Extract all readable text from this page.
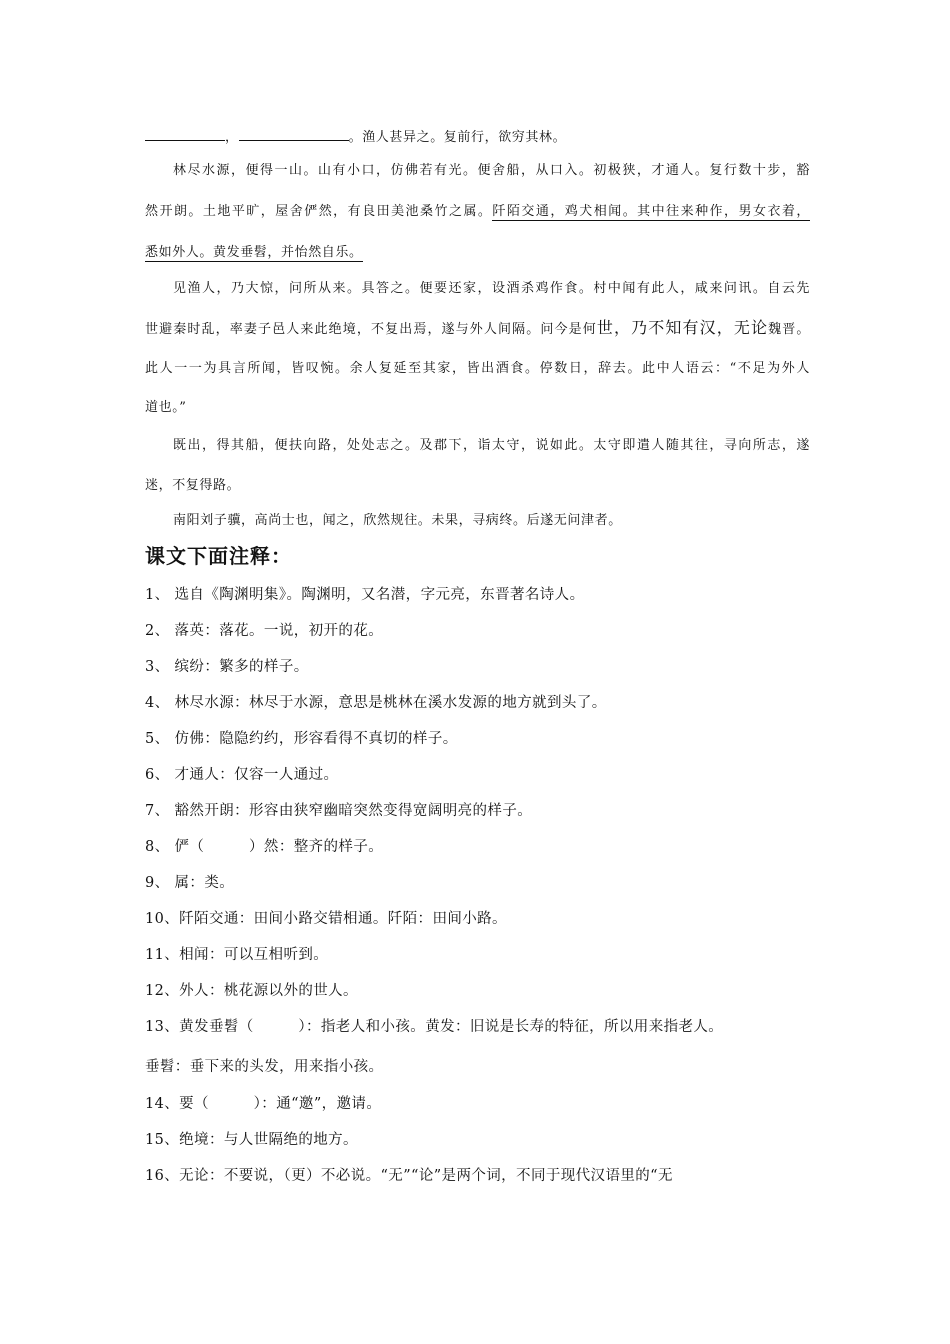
，	。渔人甚异之。复前行，欲穷其林。
林尽水源，便得一山。山有小口，仿佛若有光。便舍船，从口入。初极狭，才通人。复行数十步，豁
然开朗。土地平旷，屋舍俨然，有良田美池桑竹之属。阡陌交通，鸡犬相闻。其中往来种作，男女衣着，
悉如外人。黄发垂髫，并怡然自乐。
见渔人，乃大惊，问所从来。具答之。便要还家，设酒杀鸡作食。村中闻有此人，咸来问讯。自云先
世避秦时乱，率妻子邑人来此绝境，不复出焉，遂与外人间隔。问今是何世，乃不知有汉，无论魏晋。
此人一一为具言所闻，皆叹惋。余人复延至其家，皆出酒食。停数日，辞去。此中人语云：“不足为外人
道也。”
既出，得其船，便扶向路，处处志之。及郡下，诣太守，说如此。太守即遣人随其往，寻向所志，遂
迷，不复得路。
南阳刘子骥，高尚士也，闻之，欣然规往。未果，寻病终。后遂无问津者。
课文下面注释：
1、 选自《陶渊明集》。陶渊明，又名潜，字元亮，东晋著名诗人。
2、 落英：落花。一说，初开的花。
3、 缤纷：繁多的样子。
4、 林尽水源：林尽于水源，意思是桃林在溪水发源的地方就到头了。
5、 仿佛：隐隐约约，形容看得不真切的样子。
6、 才通人：仅容一人通过。
7、 豁然开朗：形容由狭窄幽暗突然变得宽阔明亮的样子。
8、 俨（　　　）然：整齐的样子。
9、 属：类。
10、阡陌交通：田间小路交错相通。阡陌：田间小路。
11、相闻：可以互相听到。
12、外人：桃花源以外的世人。
13、黄发垂髫（　　　）：指老人和小孩。黄发：旧说是长寿的特征，所以用来指老人。
垂髫：垂下来的头发，用来指小孩。
14、要（　　　）：通“邀”，邀请。
15、绝境：与人世隔绝的地方。
16、无论：不要说，（更）不必说。“无”“论”是两个词，不同于现代汉语里的“无
